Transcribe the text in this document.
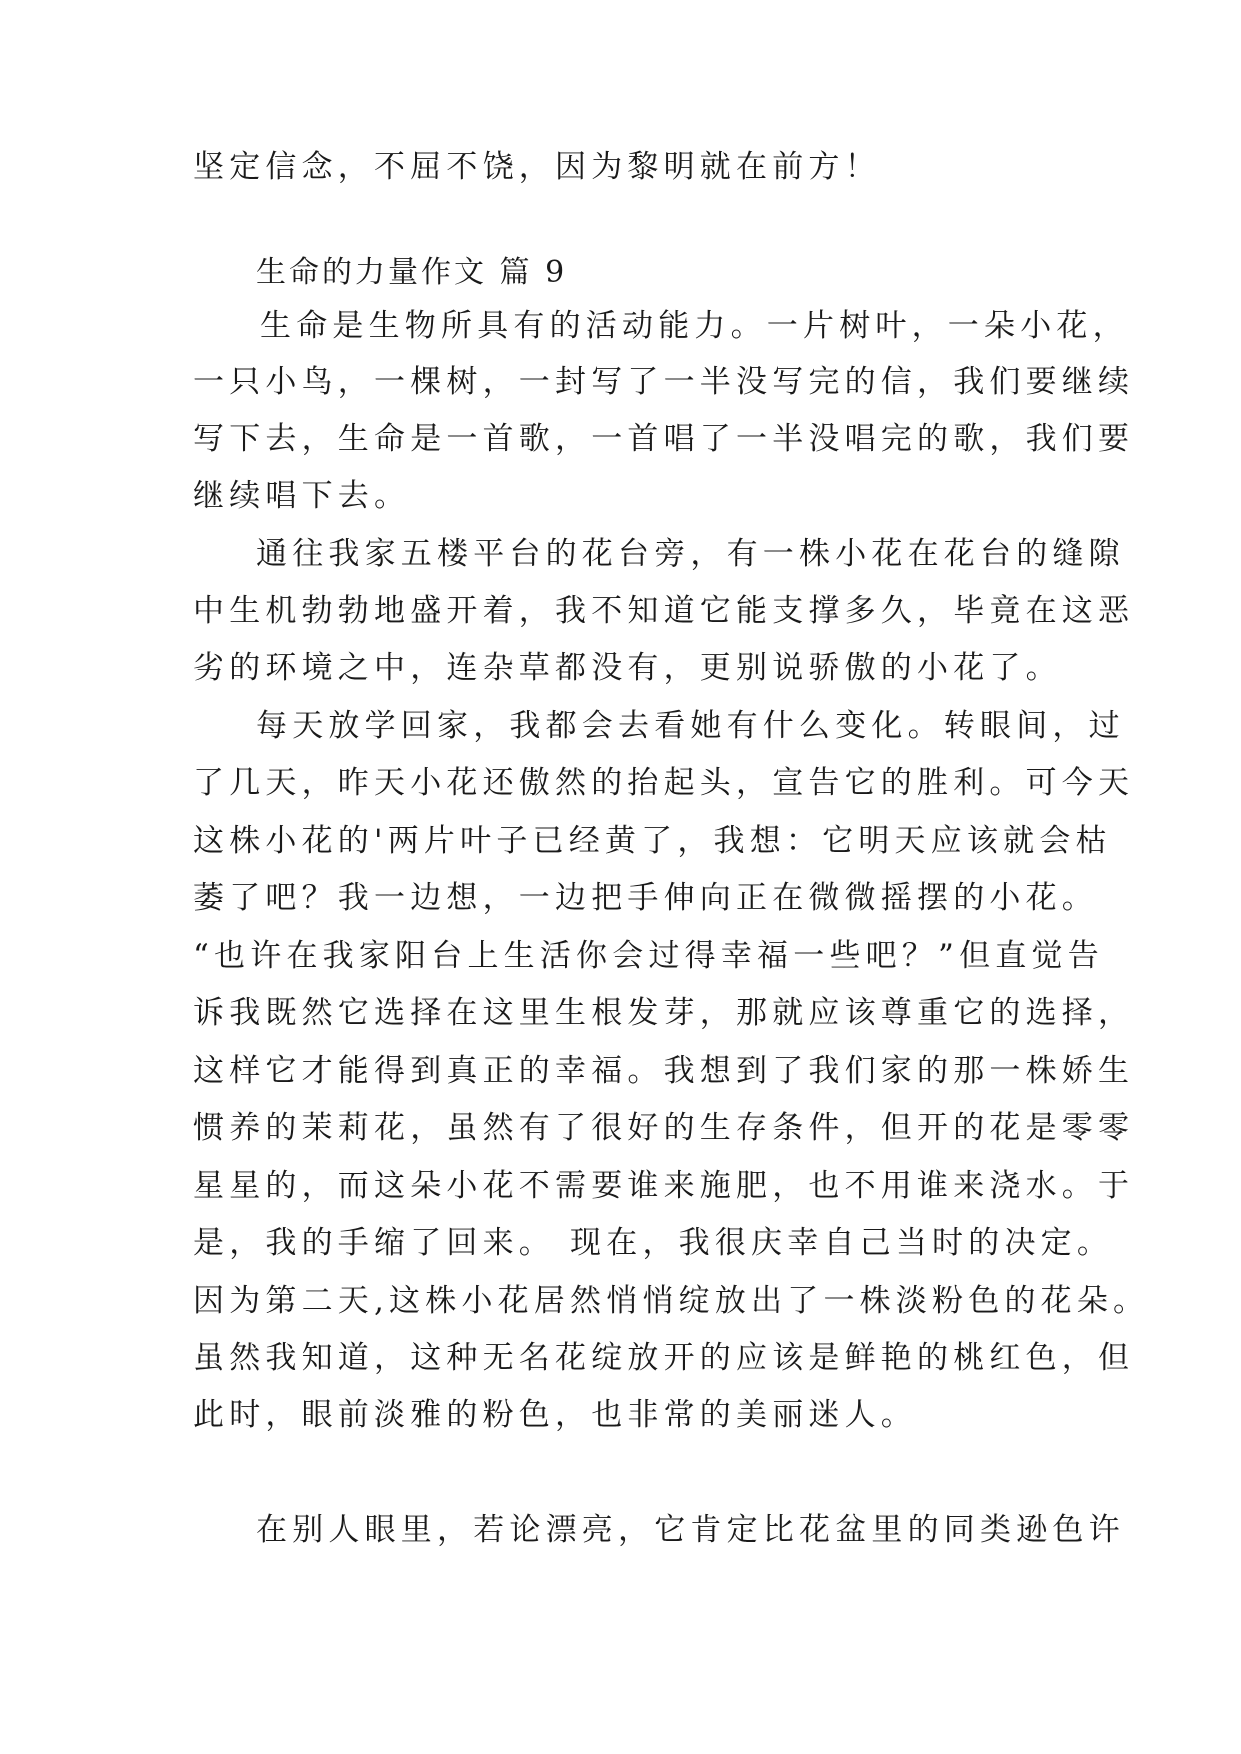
坚定信念，不屈不饶，因为黎明就在前方！
生命的力量作文 篇 9
生命是生物所具有的活动能力。一片树叶，一朵小花，
一只小鸟，一棵树，一封写了一半没写完的信，我们要继续
写下去，生命是一首歌，一首唱了一半没唱完的歌，我们要
继续唱下去。
通往我家五楼平台的花台旁，有一株小花在花台的缝隙
中生机勃勃地盛开着，我不知道它能支撑多久，毕竟在这恶
劣的环境之中，连杂草都没有，更别说骄傲的小花了。
每天放学回家，我都会去看她有什么变化。转眼间，过
了几天，昨天小花还傲然的抬起头，宣告它的胜利。可今天
这株小花的'两片叶子已经黄了，我想：它明天应该就会枯
萎了吧？我一边想，一边把手伸向正在微微摇摆的小花。
“也许在我家阳台上生活你会过得幸福一些吧？”但直觉告
诉我既然它选择在这里生根发芽，那就应该尊重它的选择，
这样它才能得到真正的幸福。我想到了我们家的那一株娇生
惯养的茉莉花，虽然有了很好的生存条件，但开的花是零零
星星的，而这朵小花不需要谁来施肥，也不用谁来浇水。于
是，我的手缩了回来。 现在，我很庆幸自己当时的决定。
因为第二天,这株小花居然悄悄绽放出了一株淡粉色的花朵。
虽然我知道，这种无名花绽放开的应该是鲜艳的桃红色，但
此时，眼前淡雅的粉色，也非常的美丽迷人。
在别人眼里，若论漂亮，它肯定比花盆里的同类逊色许
